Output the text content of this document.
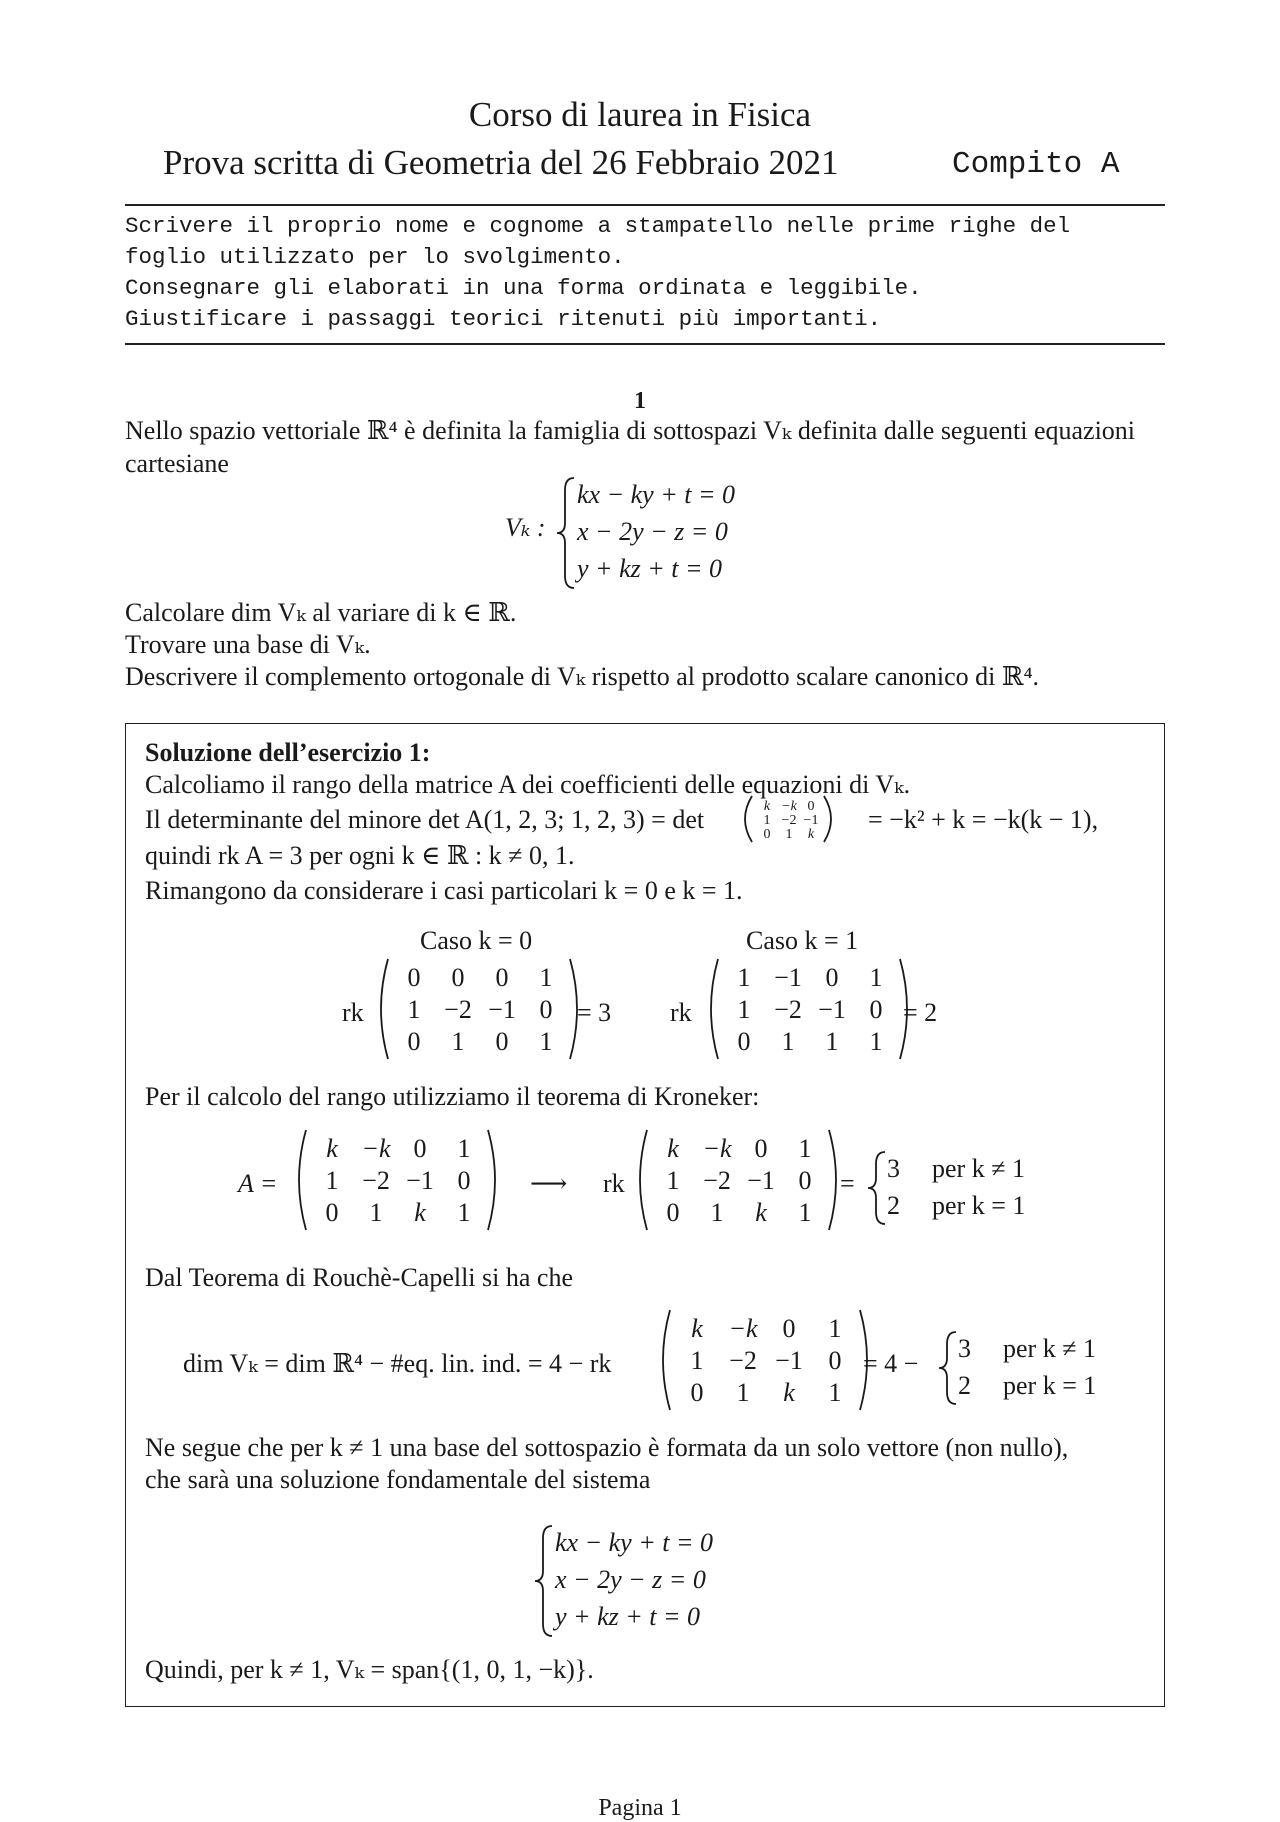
Corso di laurea in Fisica
Prova scritta di Geometria del 26 Febbraio 2021	Compito A
Scrivere il proprio nome e cognome a stampatello nelle prime righe del
foglio utilizzato per lo svolgimento.
Consegnare gli elaborati in una forma ordinata e leggibile.
Giustificare i passaggi teorici ritenuti più importanti.
1
Nello spazio vettoriale ℝ⁴ è definita la famiglia di sottospazi Vₖ definita dalle seguenti equazioni
cartesiane
Vₖ :
kx − ky + t = 0
x − 2y − z = 0
y + kz + t = 0
Calcolare dim Vₖ al variare di k ∈ ℝ.
Trovare una base di Vₖ.
Descrivere il complemento ortogonale di Vₖ rispetto al prodotto scalare canonico di ℝ⁴.
Soluzione dell’esercizio 1:
Calcoliamo il rango della matrice A dei coefficienti delle equazioni di Vₖ.
Il determinante del minore det A(1, 2, 3; 1, 2, 3) = det	= −k² + k = −k(k − 1),
quindi rk A = 3 per ogni k ∈ ℝ : k ≠ 0, 1.
Rimangono da considerare i casi particolari k = 0 e k = 1.
Caso k = 0	Caso k = 1
rk	= 3 rk	= 2
Per il calcolo del rango utilizziamo il teorema di Kroneker:
A =	⟶ rk	=
3 per k ≠ 1
2 per k = 1
Dal Teorema di Rouchè-Capelli si ha che
dim Vₖ = dim ℝ⁴ − #eq. lin. ind. = 4 − rk	= 4 −
3 per k ≠ 1
2 per k = 1
Ne segue che per k ≠ 1 una base del sottospazio è formata da un solo vettore (non nullo),
che sarà una soluzione fondamentale del sistema
kx − ky + t = 0
x − 2y − z = 0
y + kz + t = 0
Quindi, per k ≠ 1, Vₖ = span{(1, 0, 1, −k)}.
Pagina 1
k −k 0
1 −2 −1
0 1 k
0 0 0 1
1 −2 −1 0
0 1 0 1
1 −1 0 1
1 −2 −1 0
0 1 1 1
k −k 0 1
1 −2 −1 0
0 1 k 1
k −k 0 1
1 −2 −1 0
0 1 k 1
k −k 0 1
1 −2 −1 0
0 1 k 1
